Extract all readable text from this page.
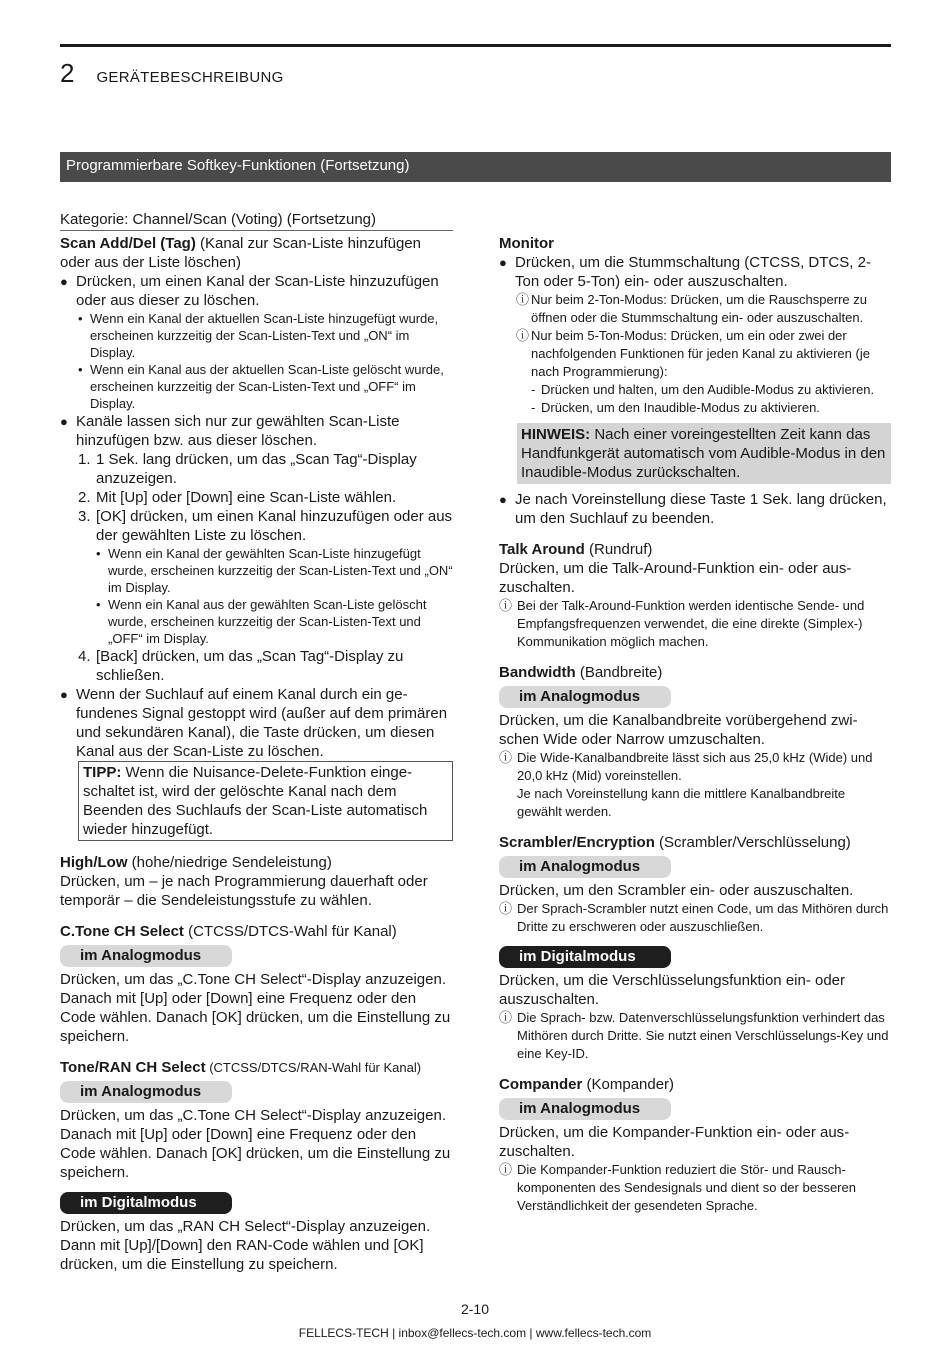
2 GERÄTEBESCHREIBUNG
Programmierbare Softkey-Funktionen (Fortsetzung)
Kategorie: Channel/Scan (Voting) (Fortsetzung)
Scan Add/Del (Tag) (Kanal zur Scan-Liste hinzufügen oder aus der Liste löschen)
● Drücken, um einen Kanal der Scan-Liste hinzuzufügen oder aus dieser zu löschen.
• Wenn ein Kanal der aktuellen Scan-Liste hinzugefügt wurde, erscheinen kurzzeitig der Scan-Listen-Text und „ON“ im Display.
• Wenn ein Kanal aus der aktuellen Scan-Liste gelöscht wurde, erscheinen kurzzeitig der Scan-Listen-Text und „OFF“ im Display.
● Kanäle lassen sich nur zur gewählten Scan-Liste hinzufügen bzw. aus dieser löschen.
1. 1 Sek. lang drücken, um das „Scan Tag“-Display anzuzeigen.
2. Mit [Up] oder [Down] eine Scan-Liste wählen.
3. [OK] drücken, um einen Kanal hinzuzufügen oder aus der gewählten Liste zu löschen.
• Wenn ein Kanal der gewählten Scan-Liste hinzugefügt wurde, erscheinen kurzzeitig der Scan-Listen-Text und „ON“ im Display.
• Wenn ein Kanal aus der gewählten Scan-Liste gelöscht wurde, erscheinen kurzzeitig der Scan-Listen-Text und „OFF“ im Display.
4. [Back] drücken, um das „Scan Tag“-Display zu schließen.
● Wenn der Suchlauf auf einem Kanal durch ein gefundenes Signal gestoppt wird (außer auf dem primären und sekundären Kanal), die Taste drücken, um diesen Kanal aus der Scan-Liste zu löschen.
TIPP: Wenn die Nuisance-Delete-Funktion eingeschaltet ist, wird der gelöschte Kanal nach dem Beenden des Suchlaufs der Scan-Liste automatisch wieder hinzugefügt.
High/Low (hohe/niedrige Sendeleistung)
Drücken, um – je nach Programmierung dauerhaft oder temporär – die Sendeleistungsstufe zu wählen.
C.Tone CH Select (CTCSS/DTCS-Wahl für Kanal)
im Analogmodus
Drücken, um das „C.Tone CH Select“-Display anzuzeigen. Danach mit [Up] oder [Down] eine Frequenz oder den Code wählen. Danach [OK] drücken, um die Einstellung zu speichern.
Tone/RAN CH Select (CTCSS/DTCS/RAN-Wahl für Kanal)
im Analogmodus
Drücken, um das „C.Tone CH Select“-Display anzuzeigen. Danach mit [Up] oder [Down] eine Frequenz oder den Code wählen. Danach [OK] drücken, um die Einstellung zu speichern.
im Digitalmodus
Drücken, um das „RAN CH Select“-Display anzuzeigen. Dann mit [Up]/[Down] den RAN-Code wählen und [OK] drücken, um die Einstellung zu speichern.
Monitor
● Drücken, um die Stummschaltung (CTCSS, DTCS, 2-Ton oder 5-Ton) ein- oder auszuschalten.
ⓘ Nur beim 2-Ton-Modus: Drücken, um die Rauschsperre zu öffnen oder die Stummschaltung ein- oder auszuschalten.
ⓘ Nur beim 5-Ton-Modus: Drücken, um ein oder zwei der nachfolgenden Funktionen für jeden Kanal zu aktivieren (je nach Programmierung):
- Drücken und halten, um den Audible-Modus zu aktivieren.
- Drücken, um den Inaudible-Modus zu aktivieren.
HINWEIS: Nach einer voreingestellten Zeit kann das Handfunkgerät automatisch vom Audible-Modus in den Inaudible-Modus zurückschalten.
● Je nach Voreinstellung diese Taste 1 Sek. lang drücken, um den Suchlauf zu beenden.
Talk Around (Rundruf)
Drücken, um die Talk-Around-Funktion ein- oder auszuschalten.
ⓘ Bei der Talk-Around-Funktion werden identische Sende- und Empfangsfrequenzen verwendet, die eine direkte (Simplex-) Kommunikation möglich machen.
Bandwidth (Bandbreite)
im Analogmodus
Drücken, um die Kanalbandbreite vorübergehend zwischen Wide oder Narrow umzuschalten.
ⓘ Die Wide-Kanalbandbreite lässt sich aus 25,0 kHz (Wide) und 20,0 kHz (Mid) voreinstellen.
Je nach Voreinstellung kann die mittlere Kanalbandbreite gewählt werden.
Scrambler/Encryption (Scrambler/Verschlüsselung)
im Analogmodus
Drücken, um den Scrambler ein- oder auszuschalten.
ⓘ Der Sprach-Scrambler nutzt einen Code, um das Mithören durch Dritte zu erschweren oder auszuschließen.
im Digitalmodus
Drücken, um die Verschlüsselungsfunktion ein- oder auszuschalten.
ⓘ Die Sprach- bzw. Datenverschlüsselungsfunktion verhindert das Mithören durch Dritte. Sie nutzt einen Verschlüsselungs-Key und eine Key-ID.
Compander (Kompander)
im Analogmodus
Drücken, um die Kompander-Funktion ein- oder auszuschalten.
ⓘ Die Kompander-Funktion reduziert die Stör- und Rauschkomponenten des Sendesignals und dient so der besseren Verständlichkeit der gesendeten Sprache.
2-10
FELLECS-TECH | inbox@fellecs-tech.com | www.fellecs-tech.com
